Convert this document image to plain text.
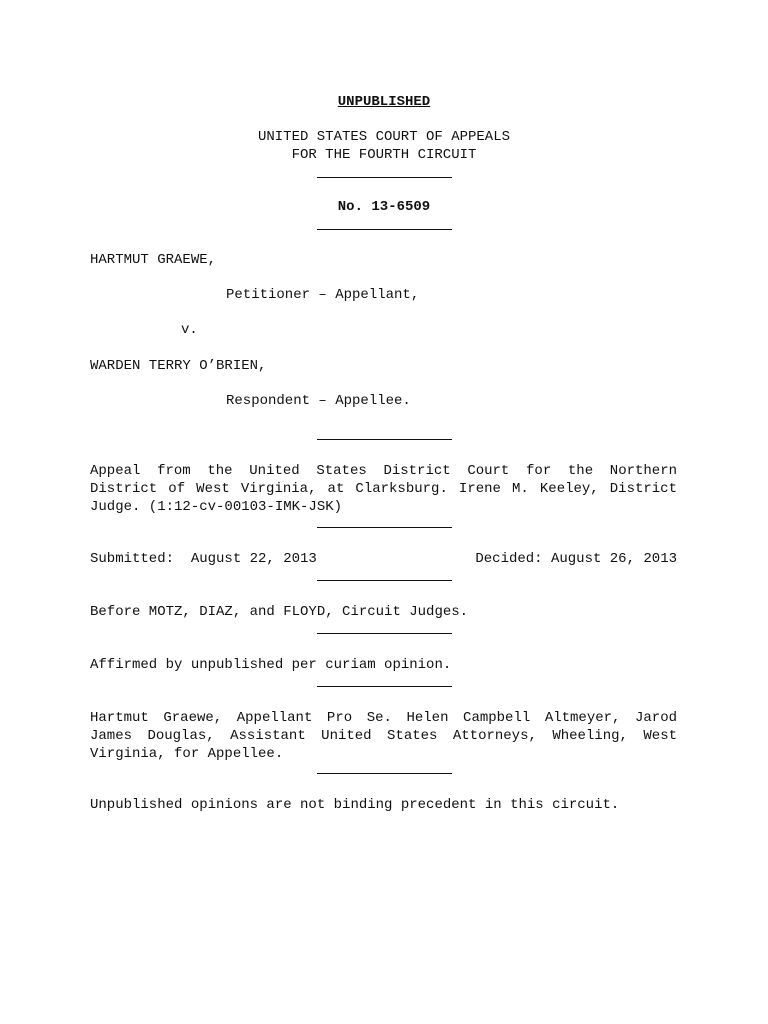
UNPUBLISHED
UNITED STATES COURT OF APPEALS
FOR THE FOURTH CIRCUIT
No. 13-6509
HARTMUT GRAEWE,
Petitioner – Appellant,
v.
WARDEN TERRY O’BRIEN,
Respondent – Appellee.
Appeal from the United States District Court for the Northern District of West Virginia, at Clarksburg. Irene M. Keeley, District Judge. (1:12-cv-00103-IMK-JSK)
Submitted:  August 22, 2013	Decided: August 26, 2013
Before MOTZ, DIAZ, and FLOYD, Circuit Judges.
Affirmed by unpublished per curiam opinion.
Hartmut Graewe, Appellant Pro Se. Helen Campbell Altmeyer, Jarod James Douglas, Assistant United States Attorneys, Wheeling, West Virginia, for Appellee.
Unpublished opinions are not binding precedent in this circuit.
